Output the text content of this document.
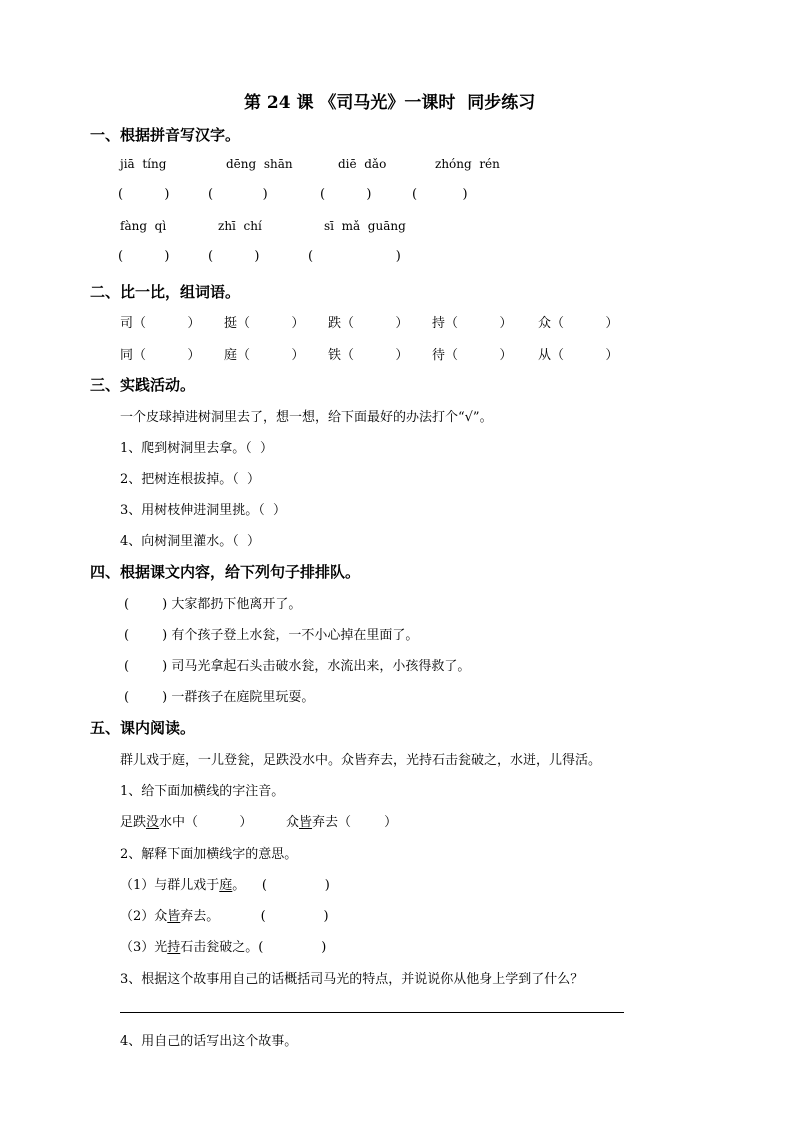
第 24 课 《司马光》一课时  同步练习
一、根据拼音写汉字。
jiā  tíng	dēng  shān	diē  dǎo	zhóng  rén
(          )	(            )	(          )	(           )
fàng  qì	zhī  chí	sī  mǎ  guāng
(          )	(          )	(                    )
二、比一比，组词语。
司（          ） 挺（          ） 跌（          ） 持（          ） 众（          ）
同（          ） 庭（          ） 铁（          ） 待（          ） 从（          ）
三、实践活动。
一个皮球掉进树洞里去了，想一想，给下面最好的办法打个“√”。
1、爬到树洞里去拿。（  ）
2、把树连根拔掉。（  ）
3、用树枝伸进洞里挑。（  ）
4、向树洞里灌水。（  ）
四、根据课文内容，给下列句子排排队。
(        ) 大家都扔下他离开了。
(        ) 有个孩子登上水瓮，一不小心掉在里面了。
(        ) 司马光拿起石头击破水瓮，水流出来，小孩得救了。
(        ) 一群孩子在庭院里玩耍。
五、课内阅读。
群儿戏于庭，一儿登瓮，足跌没水中。众皆弃去，光持石击瓮破之，水迸，儿得活。
1、给下面加横线的字注音。
足跌没水中（          ）	众皆弃去（        ）
2、解释下面加横线字的意思。
（1）与群儿戏于庭。    (              )
（2）众皆弃去。          (              )
（3）光持石击瓮破之。(              )
3、根据这个故事用自己的话概括司马光的特点，并说说你从他身上学到了什么？
4、用自己的话写出这个故事。
